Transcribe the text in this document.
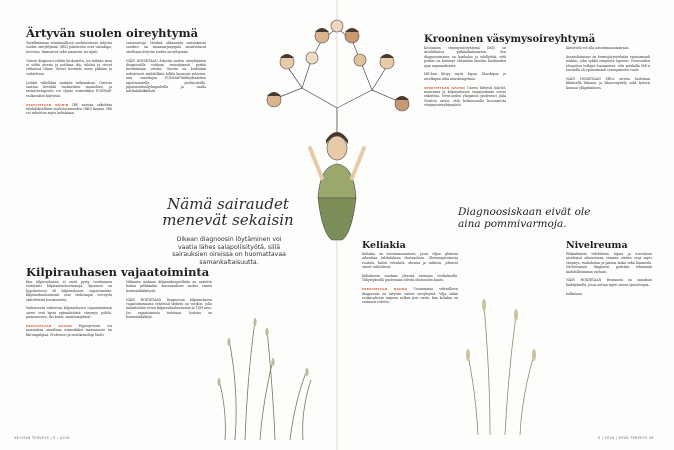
Ärtyvän suolen oireyhtymä

Tavallisimman toiminnallisen suolistovaivan ärtyvän suolen oireyhtymän (IBS) pääoireita ovat vatsakipu, turvotus, ilmavaivat sekä ummetus tai ripuli.

Oireen diagnoosi riittää keskustelu, jos mikään muu ei selitä oireita ja potilaan ikä, tuloksi ja oireet viittaavat tilaan. Oireet kestävät usein pitkään ja vaihtelevat.

Lisäksi vältellään raskaita tutkimuksia. Oireista saattaa lievittää ruokavalion muutokset, ja ravintoterapeutti voi ohjata esimerkiksi FODMAP-ruokavalion käytössä.

SEKOITETAAN NÄIHIN IBS saattaa sekoittua tulehduksellisen suolistosairauden (IBD) kanssa. IBS voi sekoittua myös keliakiaan.

vatsavaivoja. Henkeä uhkaavista sairauksista suolisto- tai munasarjasyöpää muistuttavat oireiltaan ärtyvän suolen oireyhtymää.

NÄIN HOIDETAAN Ärtyvän suolen oireyhtymän diagnoosilla voidaan ensisijaisesti pyrkiä lievittämään oireita. Oireita on kuitenkin todistetusti mahdollista hillitä huonosti sulavien, niin sanottujen FODMAP-hiilihydraattien rajoittamisella, probiooteilla, piparminttuöljykapseleilla ja osalla mielialalääkkeistä.

Nämä sairaudet menevät sekaisin
Oikean diagnoosin löytäminen voi vaatia lähes salapoliisityötä, sillä sairauksien oireissa on huomattavaa samankaltaisuutta.
Kilpirauhasen vajaatoiminta

Kun kilpirauhanen ei enää pysty tuottamaan riittävästi kilpirauhashormoneja, kyseessä on hypotyreoosi eli kilpirauhasen vajaatoiminta. Kilpirauhashormonit ovat tärkeimpiä terveyttä säätelevistä hormoneista.

Varhaisessa vaiheessa kilpirauhasen vajaatoiminnan oireet ovat hyvin epämääräisiä: väsymys, palelu, painonnousu, iho kuiva, muistiongelmat.

SEKOITETAAN NÄIHIN Hypotyreoosi voi muistuttaa oireiltaan esimerkiksi masennusta tai fibromyalgiaa. Professori ja endokrinologi Matti

Välimäen mukaan kilpirauhaspotilaita on saatettu hoitaa pitkäänkin masennuksen vuoksi ennen hormonilääkitystä.

NÄIN HOIDETAAN Diagnoosia kilpirauhasen vajaatoiminnasta tehdessä tärkein on verikoe, jolla määritetään veren kilpirauhashormonin ja TSH-arvo. Jos vajaatoiminta todetaan, hoitona on hormonilääkitys.

48 HYVÄ TERVEYS / 5 / 2016
Krooninen väsymysoireyhtymä

Krooninen väsymysoireyhtymä (ME) on invalidisoiva pitkäaikaissairaus. Sen diagnosoiminen on hankalaa ja edellyttää, että potilas on kärsinyt vähintään kuuden kuukauden ajan uupumuksesta.

ME:hun liittyy myös kipua, lihaskipua ja nivelkipua sekä muistiongelmia.

SEKOITETAAN NÄIHIN Uneen liittyvät häiriöt, masennus ja kilpirauhasen vajaatoiminta voivat sekoittua. Newcastlen yliopiston professori Julia Newton arvioi, että kolmasosalla kroonisesta väsymysoireyhtymästä

kärsivistä voi olla autoimmuunisairaus.

Asentohuimaus on hermojärjestelmän epänormaali reaktio, joka sykkii väsyneitä lapseen. Newcastlen yliopiston tutkijat huomasivat, että potilailla ME:n taustalla oli epänormaali verenpaineen vaste.

NÄIN HOIDETAAN ME:n oireita hoitetaan kliinisellä liikunta- ja lihasvenyttely sekä fysisen kunnon ylläpitämisen.

Diagnoosiskaan eivät ole aina pommivarmoja.
Keliakia

Keliakia on autoimmuunitauti, jossa viljan gluteeni aiheuttaa tulehduksen ohutsuoleen. Gluteenipitoisesta ruoasta, kuten vehnästä, ohrasta ja rukiista, johtuvat oireet vaihtelevat.

Keliakiasta saadaan yleensä varmuus verikokeella. Tähystyksellä puolestaan selvitä ohutsuolen kunto.

SEKOITETAAN NÄIHIN Uusimmissa viitteellisen diagnoosin on ärtyvän suolen oireyhtymä. Vilja onkin ruokavaliosta tarpeen sulkea pois vasta, kun keliakia on varmasti todettu.

Nivelreuma

Pitkäaikaista tulehdusta, kipua ja turvotusta niveleissä aiheuttavan reuman oireita ovat myös väsymys, ruokahalun ja painon lasku sekä kuumeilu. Nivelreuman diagnoosi pyritään tekemään mahdollisimman varhain.

NÄIN HOIDETAAN Reumasta on annoksin lääkityksellä, jossa auttaa myös oireen fysioterapia.

hallintaan.

5 / 2016 / HYVÄ TERVEYS 49
